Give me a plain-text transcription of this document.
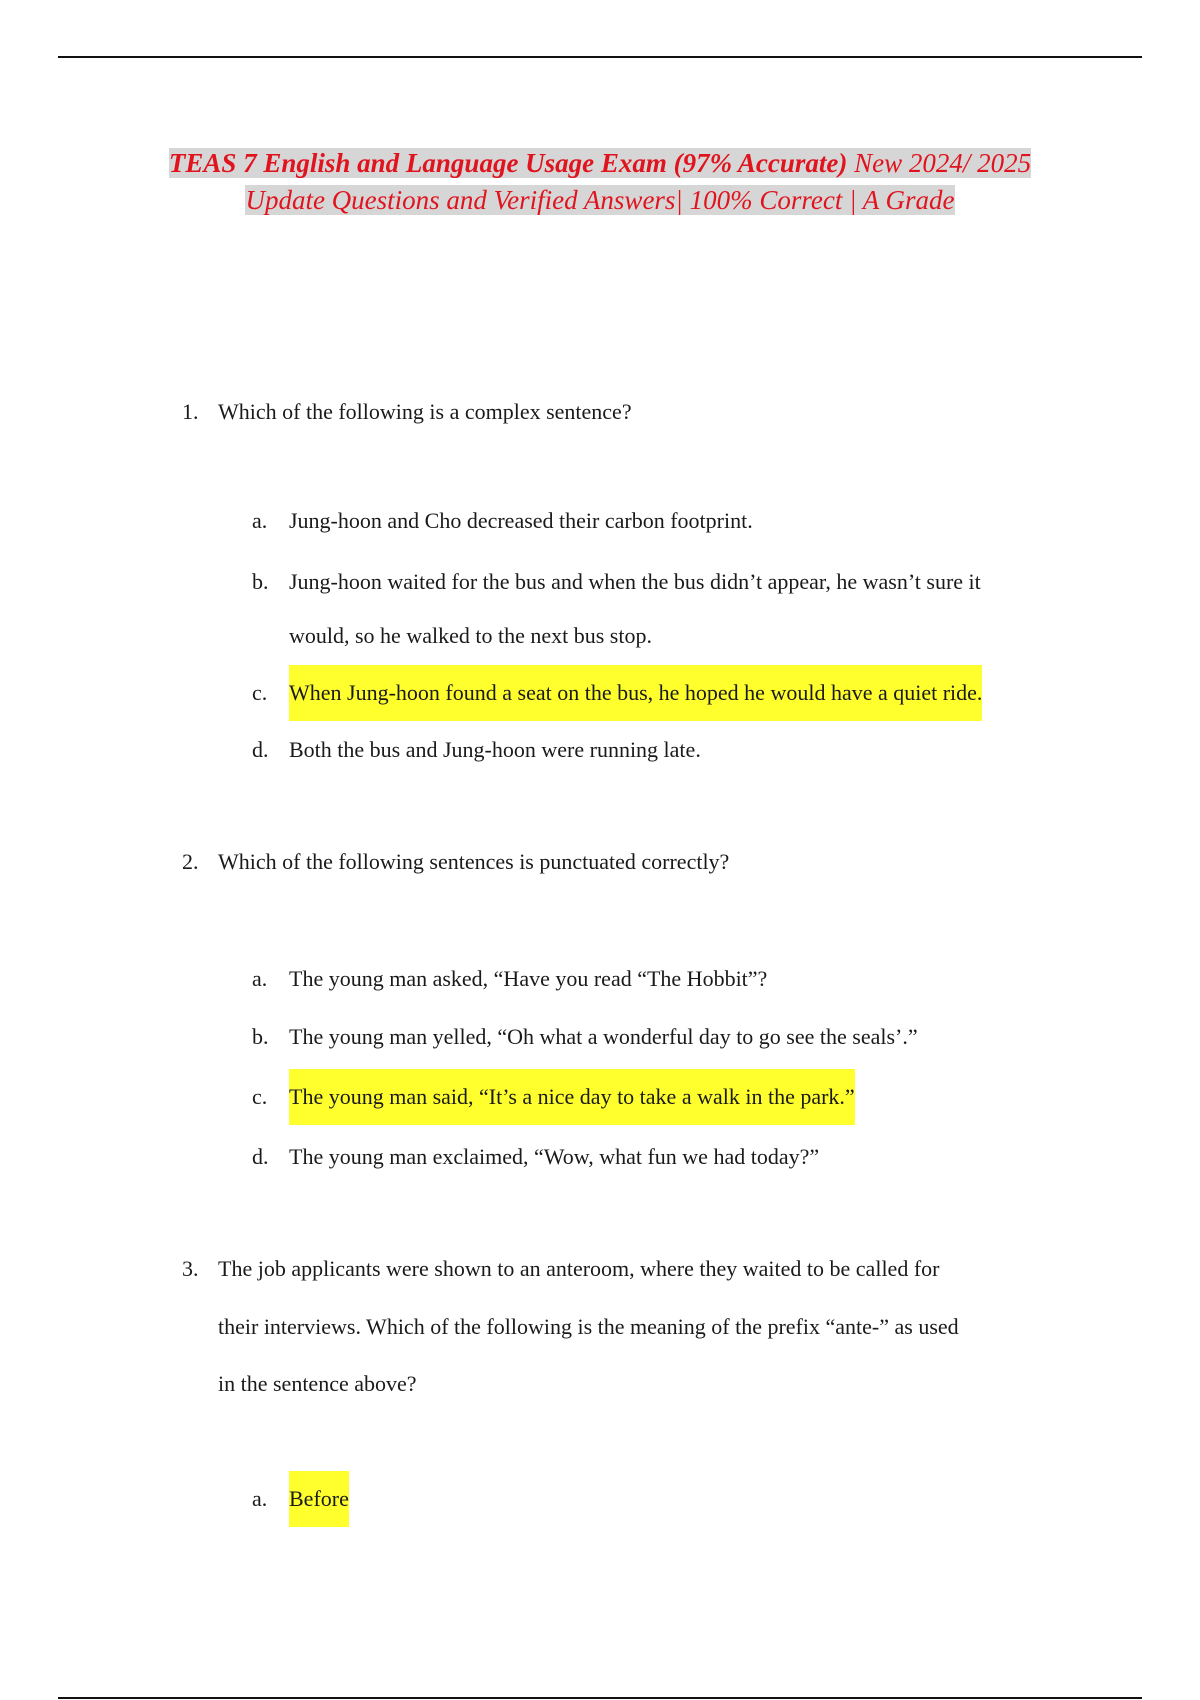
TEAS 7 English and Language Usage Exam (97% Accurate) New 2024/ 2025
Update Questions and Verified Answers| 100% Correct | A Grade
1. Which of the following is a complex sentence?
a. Jung-hoon and Cho decreased their carbon footprint.
b. Jung-hoon waited for the bus and when the bus didn’t appear, he wasn’t sure it
would, so he walked to the next bus stop.
c. When Jung-hoon found a seat on the bus, he hoped he would have a quiet ride.
d. Both the bus and Jung-hoon were running late.
2. Which of the following sentences is punctuated correctly?
a. The young man asked, “Have you read “The Hobbit”?
b. The young man yelled, “Oh what a wonderful day to go see the seals’.”
c. The young man said, “It’s a nice day to take a walk in the park.”
d. The young man exclaimed, “Wow, what fun we had today?”
3. The job applicants were shown to an anteroom, where they waited to be called for
their interviews. Which of the following is the meaning of the prefix “ante-” as used
in the sentence above?
a. Before
